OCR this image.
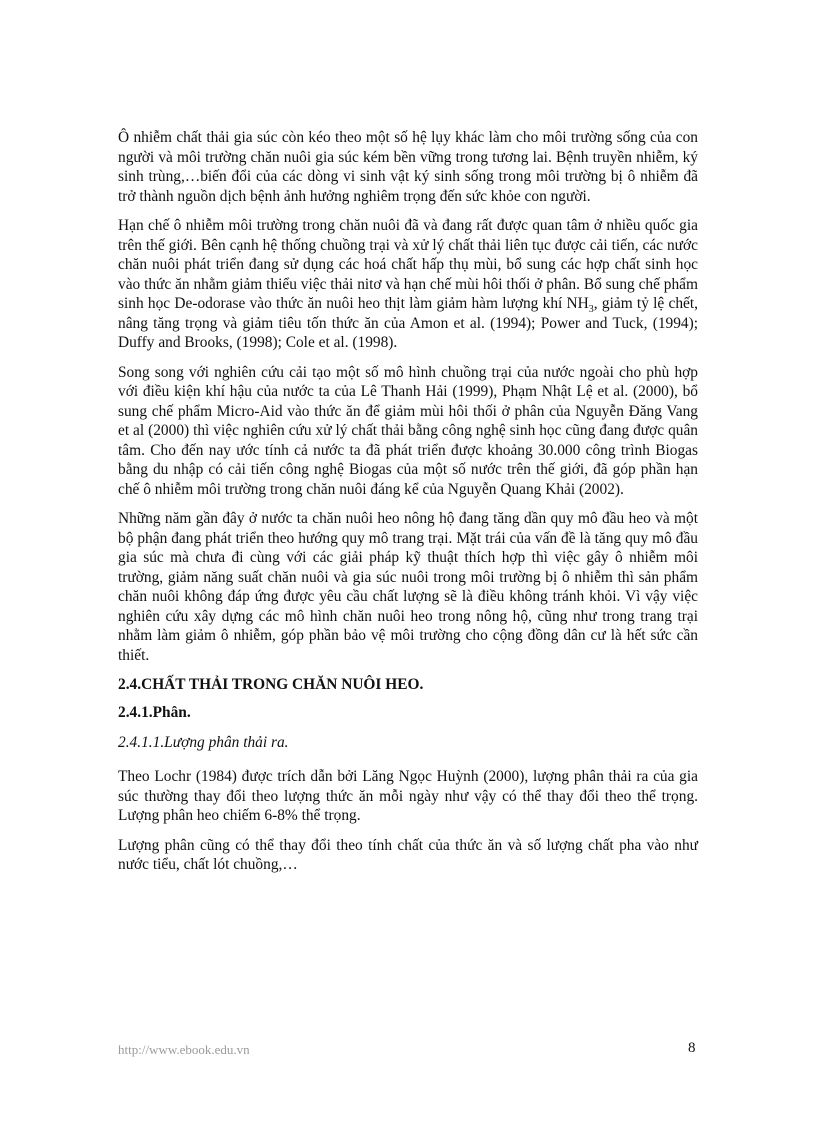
Ô nhiễm chất thải gia súc còn kéo theo một số hệ lụy khác làm cho môi trường sống của con người và môi trường chăn nuôi gia súc kém bền vững trong tương lai. Bệnh truyền nhiễm, ký sinh trùng,…biến đổi của các dòng vi sinh vật ký sinh sống trong môi trường bị ô nhiễm đã trở thành nguồn dịch bệnh ảnh hưởng nghiêm trọng đến sức khỏe con người.

Hạn chế ô nhiễm môi trường trong chăn nuôi đã và đang rất được quan tâm ở nhiều quốc gia trên thế giới. Bên cạnh hệ thống chuồng trại và xử lý chất thải liên tục được cải tiến, các nước chăn nuôi phát triển đang sử dụng các hoá chất hấp thụ mùi, bổ sung các hợp chất sinh học vào thức ăn nhằm giảm thiểu việc thải nitơ và hạn chế mùi hôi thối ở phân. Bổ sung chế phẩm sinh học De-odorase vào thức ăn nuôi heo thịt làm giảm hàm lượng khí $NH_3$, giảm tỷ lệ chết, nâng tăng trọng và giảm tiêu tốn thức ăn của Amon et al. (1994); Power and Tuck, (1994); Duffy and Brooks, (1998); Cole et al. (1998).

Song song với nghiên cứu cải tạo một số mô hình chuồng trại của nước ngoài cho phù hợp với điều kiện khí hậu của nước ta của Lê Thanh Hải (1999), Phạm Nhật Lệ et al. (2000), bổ sung chế phẩm Micro-Aid vào thức ăn để giảm mùi hôi thối ở phân của Nguyễn Đăng Vang et al (2000) thì việc nghiên cứu xử lý chất thải bằng công nghệ sinh học cũng đang được quân tâm. Cho đến nay ước tính cả nước ta đã phát triển được khoảng 30.000 công trình Biogas bằng du nhập có cải tiến công nghệ Biogas của một số nước trên thế giới, đã góp phần hạn chế ô nhiễm môi trường trong chăn nuôi đáng kể của Nguyễn Quang Khải (2002).

Những năm gần đây ở nước ta chăn nuôi heo nông hộ đang tăng dần quy mô đầu heo và một bộ phận đang phát triển theo hướng quy mô trang trại. Mặt trái của vấn đề là tăng quy mô đầu gia súc mà chưa đi cùng với các giải pháp kỹ thuật thích hợp thì việc gây ô nhiễm môi trường, giảm năng suất chăn nuôi và gia súc nuôi trong môi trường bị ô nhiễm thì sản phẩm chăn nuôi không đáp ứng được yêu cầu chất lượng sẽ là điều không tránh khỏi. Vì vậy việc nghiên cứu xây dựng các mô hình chăn nuôi heo trong nông hộ, cũng như trong trang trại nhằm làm giảm ô nhiễm, góp phần bảo vệ môi trường cho cộng đồng dân cư là hết sức cần thiết.

2.4.CHẤT THẢI TRONG CHĂN NUÔI HEO.
2.4.1.Phân.
2.4.1.1.Lượng phân thải ra.

Theo Lochr (1984) được trích dẫn bởi Lăng Ngọc Huỳnh (2000), lượng phân thải ra của gia súc thường thay đổi theo lượng thức ăn mỗi ngày như vậy có thể thay đổi theo thể trọng. Lượng phân heo chiếm 6-8% thể trọng.

Lượng phân cũng có thể thay đổi theo tính chất của thức ăn và số lượng chất pha vào như nước tiểu, chất lót chuồng,…

http://www.ebook.edu.vn	8
